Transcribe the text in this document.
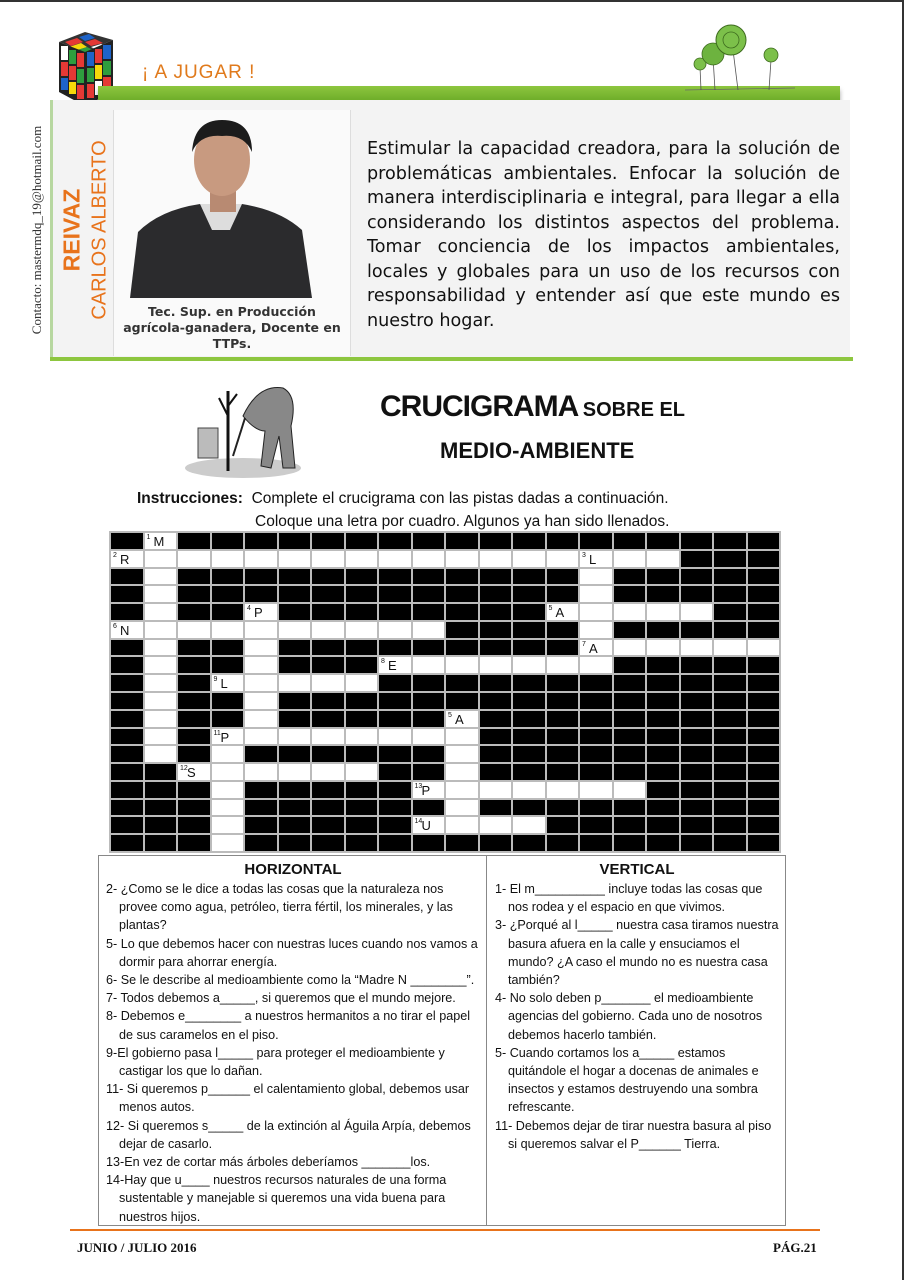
¡ A JUGAR !
Contacto: mastermdq_19@hotmail.com REIVAZ CARLOS ALBERTO	Tec. Sup. en Producción agrícola-ganadera, Docente en TTPs.
Estimular la capacidad creadora, para la solución de problemáticas ambientales. Enfocar la solución de manera interdisciplinaria e integral, para llegar a ella considerando los distintos aspectos del problema. Tomar conciencia de los impactos ambientales, locales y globales para un uso de los recursos con responsabilidad y entender así que este mundo es nuestro hogar.
CRUCIGRAMA SOBRE EL
MEDIO-AMBIENTE
Instrucciones: Complete el crucigrama con las pistas dadas a continuación.
Coloque una letra por cuadro. Algunos ya han sido llenados.
1 M
2 R	3 L
4 P	5 A
6 N
7 A
8 E
9 L
5 A
11 P
12 S
13 P
14 U
HORIZONTAL
2- ¿Como se le dice a todas las cosas que la naturaleza nos provee como agua, petróleo, tierra fértil, los minerales, y las plantas?
5- Lo que debemos hacer con nuestras luces cuando nos vamos a dormir para ahorrar energía.
6- Se le describe al medioambiente como la “Madre N ________”.
7- Todos debemos a_____, si queremos que el mundo mejore.
8- Debemos e________ a nuestros hermanitos a no tirar el papel de sus caramelos en el piso.
9-El gobierno pasa l_____ para proteger el medioambiente y castigar los que lo dañan.
11- Si queremos p______ el calentamiento global, debemos usar menos autos.
12- Si queremos s_____ de la extinción al Águila Arpía, debemos dejar de casarlo.
13-En vez de cortar más árboles deberíamos _______los.
14-Hay que u____ nuestros recursos naturales de una forma sustentable y manejable si queremos una vida buena para nuestros hijos.
VERTICAL
1- El m__________ incluye todas las cosas que nos rodea y el espacio en que vivimos.
3- ¿Porqué al l_____ nuestra casa tiramos nuestra basura afuera en la calle y ensuciamos el mundo? ¿A caso el mundo no es nuestra casa también?
4- No solo deben p_______ el medioambiente agencias del gobierno. Cada uno de nosotros debemos hacerlo también.
5- Cuando cortamos los a_____ estamos quitándole el hogar a docenas de animales e insectos y estamos destruyendo una sombra refrescante.
11- Debemos dejar de tirar nuestra basura al piso si queremos salvar el P______ Tierra.
JUNIO / JULIO 2016	PÁG.21
